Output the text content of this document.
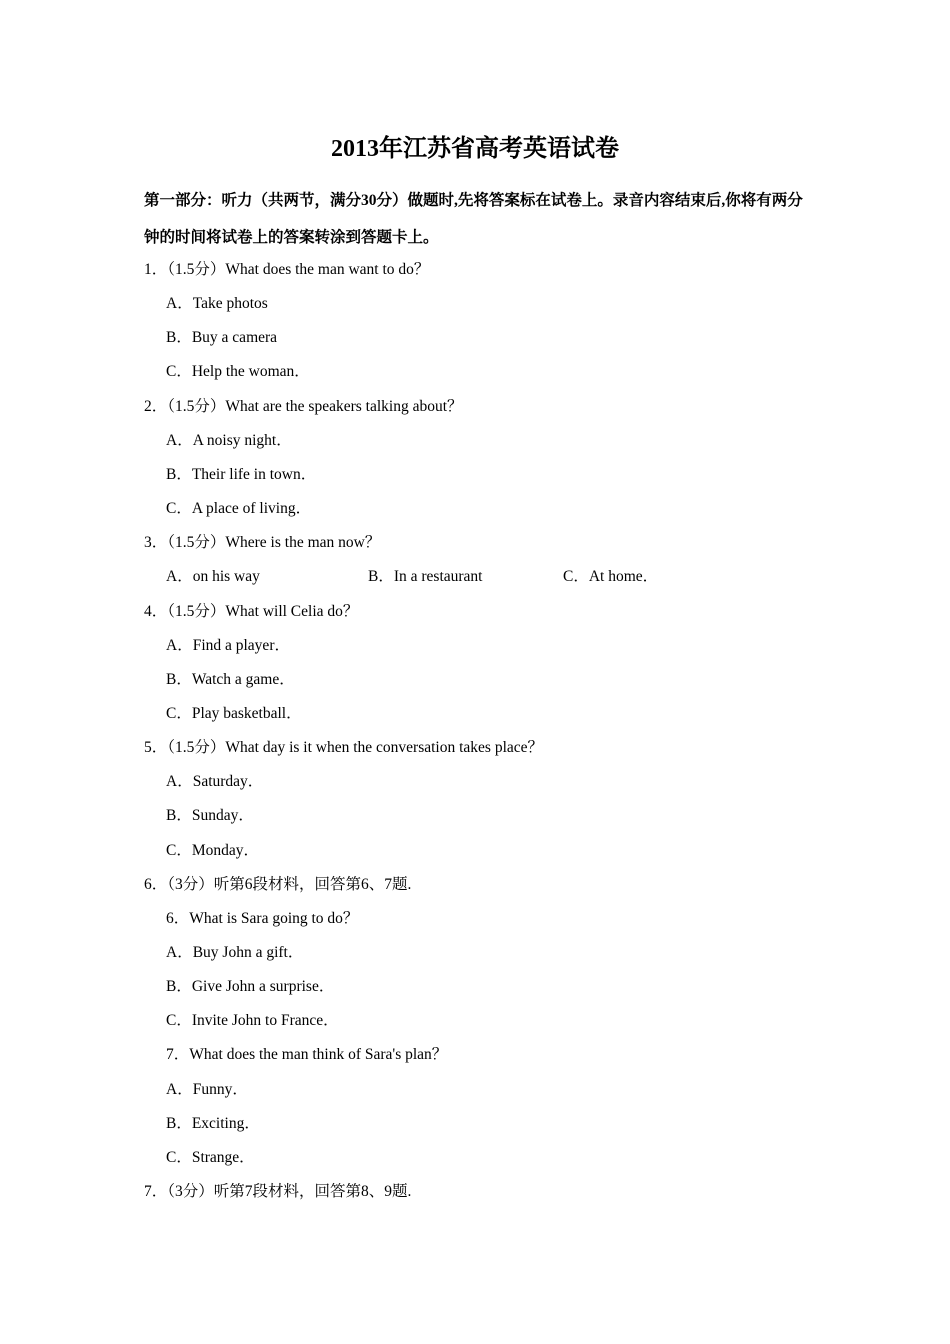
2013年江苏省高考英语试卷
第一部分：听力（共两节，满分30分）做题时,先将答案标在试卷上。录音内容结束后,你将有两分钟的时间将试卷上的答案转涂到答题卡上。
1．（1.5分）What does the man want to do？
A．Take photos
B．Buy a camera
C．Help the woman．
2．（1.5分）What are the speakers talking about？
A．A noisy night．
B．Their life in town．
C．A place of living．
3．（1.5分）Where is the man now？
A．on his way	B．In a restaurant	C．At home．
4．（1.5分）What will Celia do？
A．Find a player．
B．Watch a game．
C．Play basketball．
5．（1.5分）What day is it when the conversation takes place？
A．Saturday．
B．Sunday．
C．Monday．
6．（3分）听第6段材料，回答第6、7题.
6．What is Sara going to do？
A．Buy John a gift．
B．Give John a surprise．
C．Invite John to France．
7．What does the man think of Sara's plan？
A．Funny．
B．Exciting．
C．Strange．
7．（3分）听第7段材料，回答第8、9题.
